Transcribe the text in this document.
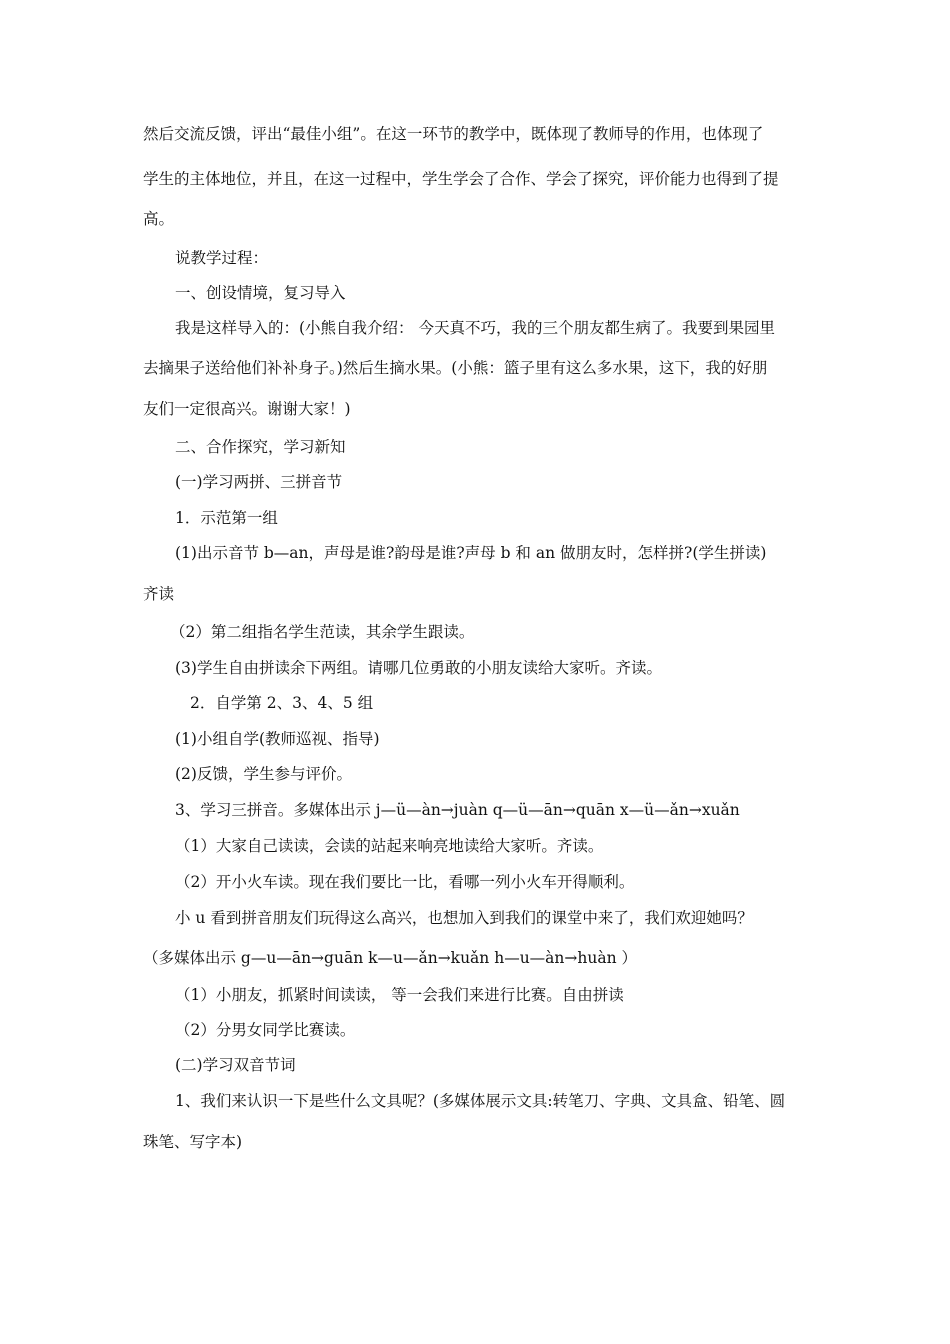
然后交流反馈，评出“最佳小组”。在这一环节的教学中，既体现了教师导的作用，也体现了
学生的主体地位，并且，在这一过程中，学生学会了合作、学会了探究，评价能力也得到了提
高。
说教学过程：
一、创设情境，复习导入
我是这样导入的：(小熊自我介绍： 今天真不巧，我的三个朋友都生病了。我要到果园里
去摘果子送给他们补补身子。)然后生摘水果。(小熊：篮子里有这么多水果，这下，我的好朋
友们一定很高兴。谢谢大家！)
二、合作探究，学习新知
(一)学习两拼、三拼音节
1．示范第一组
(1)出示音节 b—an，声母是谁?韵母是谁?声母 b 和 an 做朋友时，怎样拼?(学生拼读)
齐读
（2）第二组指名学生范读，其余学生跟读。
(3)学生自由拼读余下两组。请哪几位勇敢的小朋友读给大家听。齐读。
2．自学第 2、3、4、5 组
(1)小组自学(教师巡视、指导)
(2)反馈，学生参与评价。
3、学习三拼音。多媒体出示 j—ü—àn→juàn q—ü—ān→quān x—ü—ǎn→xuǎn
（1）大家自己读读，会读的站起来响亮地读给大家听。齐读。
（2）开小火车读。现在我们要比一比，看哪一列小火车开得顺利。
小 u 看到拼音朋友们玩得这么高兴，也想加入到我们的课堂中来了，我们欢迎她吗？
（多媒体出示 g—u—ān→guān k—u—ǎn→kuǎn h—u—àn→huàn ）
（1）小朋友，抓紧时间读读， 等一会我们来进行比赛。自由拼读
（2）分男女同学比赛读。
(二)学习双音节词
1、我们来认识一下是些什么文具呢？(多媒体展示文具:转笔刀、字典、文具盒、铅笔、圆
珠笔、写字本)
